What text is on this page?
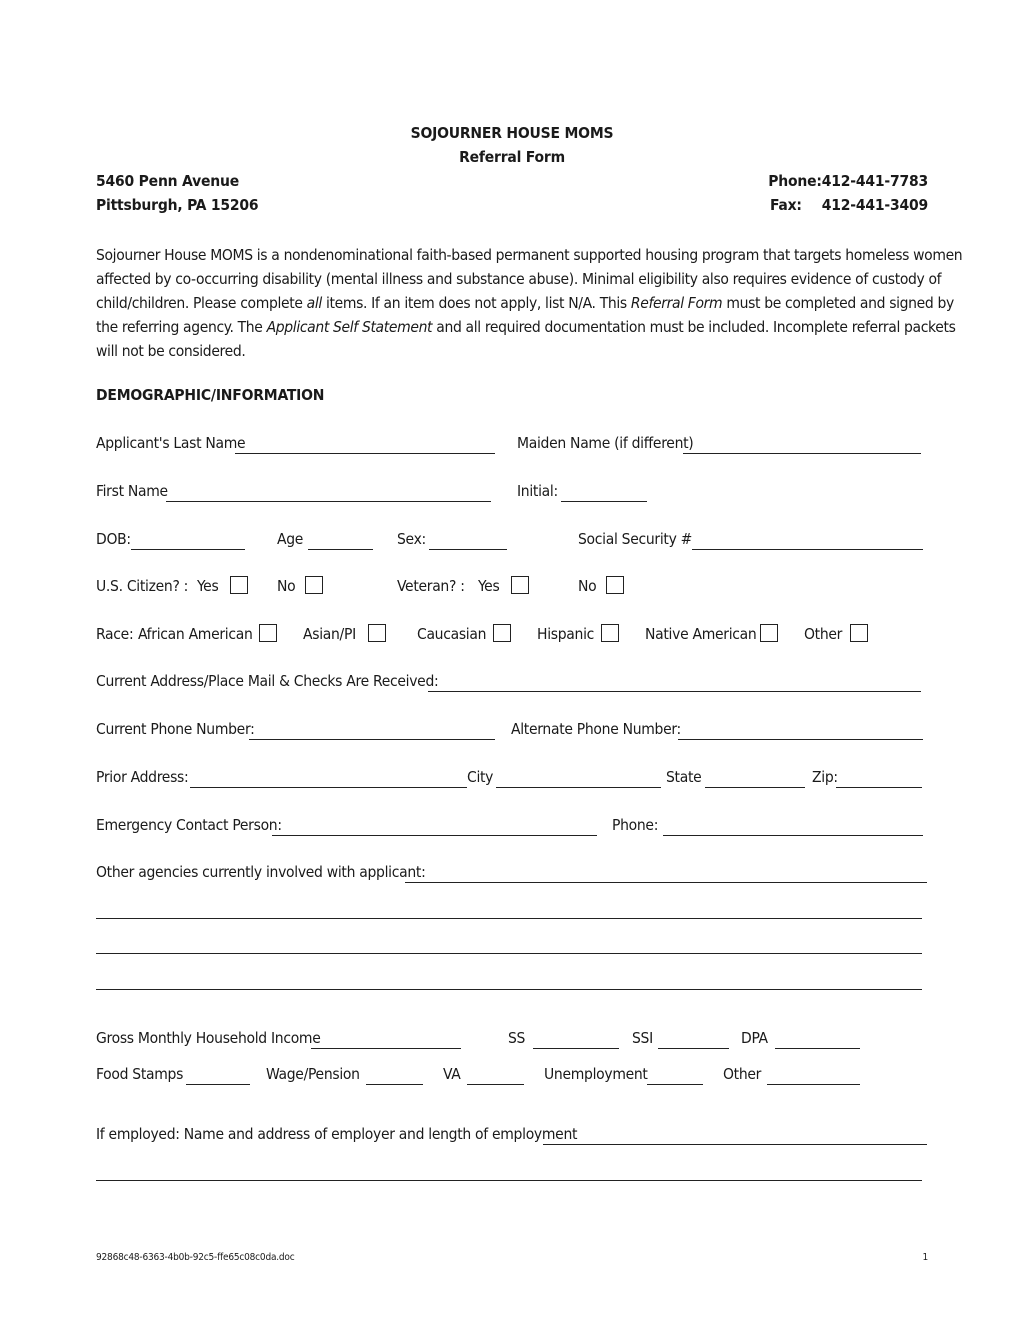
SOJOURNER HOUSE MOMS
Referral Form
5460 Penn Avenue
Pittsburgh, PA 15206
Phone:412-441-7783
Fax: 412-441-3409
Sojourner House MOMS is a nondenominational faith-based permanent supported housing program that targets homeless women
affected by co-occurring disability (mental illness and substance abuse). Minimal eligibility also requires evidence of custody of
child/children. Please complete all items. If an item does not apply, list N/A. This Referral Form must be completed and signed by
the referring agency. The Applicant Self Statement and all required documentation must be included. Incomplete referral packets
will not be considered.
DEMOGRAPHIC/INFORMATION
Applicant's Last Name	Maiden Name (if different)
First Name	Initial:
DOB:	Age	Sex:	Social Security #
U.S. Citizen? : Yes	No	Veteran? : Yes	No
Race: African American	Asian/PI	Caucasian	Hispanic	Native American	Other
Current Address/Place Mail & Checks Are Received:
Current Phone Number:	Alternate Phone Number:
Prior Address:	City	State	Zip:
Emergency Contact Person:	Phone:
Other agencies currently involved with applicant:
Gross Monthly Household Income	SS	SSI	DPA
Food Stamps	Wage/Pension	VA	Unemployment	Other
If employed: Name and address of employer and length of employment
92868c48-6363-4b0b-92c5-ffe65c08c0da.doc	1
